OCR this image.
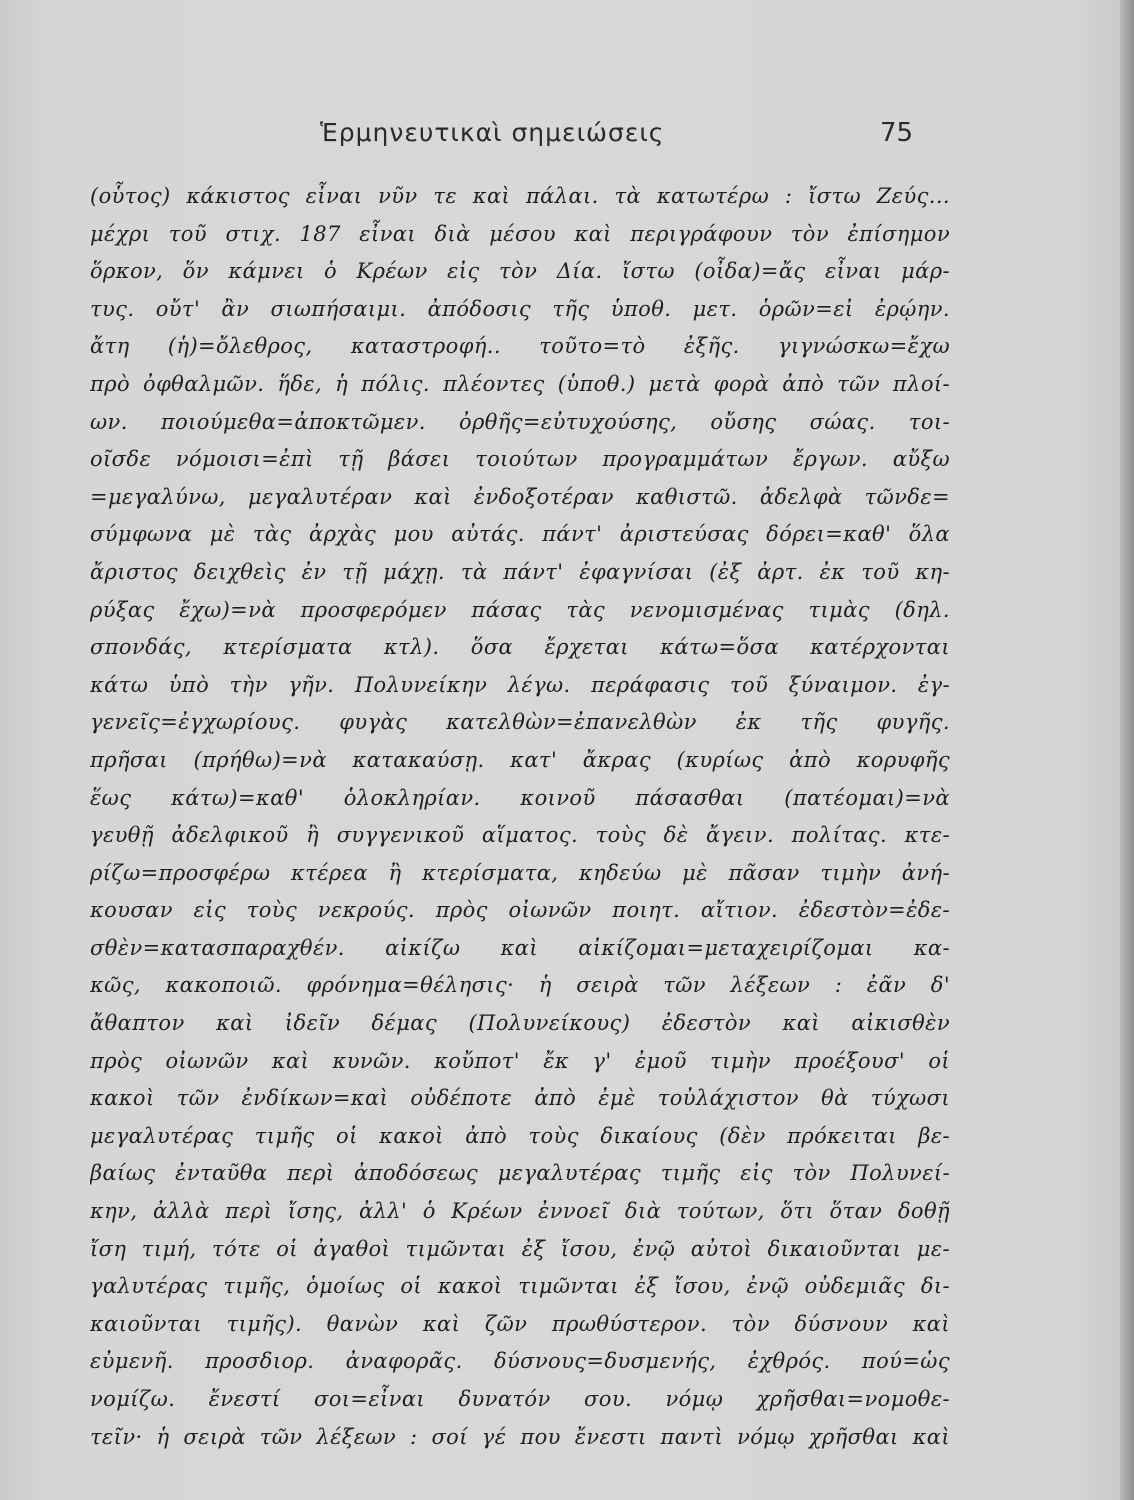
Ἑρμηνευτικαὶ σημειώσεις	75
(οὗτος) κάκιστος εἶναι νῦν τε καὶ πάλαι. τὰ κατωτέρω : ἴστω Ζεύς...
μέχρι τοῦ στιχ. 187 εἶναι διὰ μέσου καὶ περιγράφουν τὸν ἐπίσημον
ὅρκον, ὅν κάμνει ὁ Κρέων εἰς τὸν Δία. ἴστω (οἶδα)=ἄς εἶναι μάρ-
τυς. οὔτ' ἂν σιωπήσαιμι. ἀπόδοσις τῆς ὑποθ. μετ. ὁρῶν=εἰ ἐρῴην.
ἄτη (ἡ)=ὄλεθρος, καταστροφή.. τοῦτο=τὸ ἐξῆς. γιγνώσκω=ἔχω
πρὸ ὀφθαλμῶν. ἥδε, ἡ πόλις. πλέοντες (ὑποθ.) μετὰ φορὰ ἀπὸ τῶν πλοί-
ων. ποιούμεθα=ἀποκτῶμεν. ὀρθῆς=εὐτυχούσης, οὔσης σώας. τοι-
οῖσδε νόμοισι=ἐπὶ τῇ βάσει τοιούτων προγραμμάτων ἔργων. αὔξω
=μεγαλύνω, μεγαλυτέραν καὶ ἐνδοξοτέραν καθιστῶ. ἀδελφὰ τῶνδε=
σύμφωνα μὲ τὰς ἀρχὰς μου αὐτάς. πάντ' ἀριστεύσας δόρει=καθ' ὅλα
ἄριστος δειχθεὶς ἐν τῇ μάχῃ. τὰ πάντ' ἐφαγνίσαι (ἐξ ἀρτ. ἐκ τοῦ κη-
ρύξας ἔχω)=νὰ προσφερόμεν πάσας τὰς νενομισμένας τιμὰς (δηλ.
σπονδάς, κτερίσματα κτλ). ὅσα ἔρχεται κάτω=ὅσα κατέρχονται
κάτω ὑπὸ τὴν γῆν. Πολυνείκην λέγω. περάφασις τοῦ ξύναιμον. ἐγ-
γενεῖς=ἐγχωρίους. φυγὰς κατελθὼν=ἐπανελθὼν ἐκ τῆς φυγῆς.
πρῆσαι (πρήθω)=νὰ κατακαύσῃ. κατ' ἄκρας (κυρίως ἀπὸ κορυφῆς
ἕως κάτω)=καθ' ὁλοκληρίαν. κοινοῦ πάσασθαι (πατέομαι)=νὰ
γευθῇ ἀδελφικοῦ ἢ συγγενικοῦ αἵματος. τοὺς δὲ ἄγειν. πολίτας. κτε-
ρίζω=προσφέρω κτέρεα ἢ κτερίσματα, κηδεύω μὲ πᾶσαν τιμὴν ἀνή-
κουσαν εἰς τοὺς νεκρούς. πρὸς οἰωνῶν ποιητ. αἴτιον. ἐδεστὸν=ἐδε-
σθὲν=κατασπαραχθέν. αἰκίζω καὶ αἰκίζομαι=μεταχειρίζομαι κα-
κῶς, κακοποιῶ. φρόνημα=θέλησις· ἡ σειρὰ τῶν λέξεων : ἐᾶν δ'
ἄθαπτον καὶ ἰδεῖν δέμας (Πολυνείκους) ἐδεστὸν καὶ αἰκισθὲν
πρὸς οἰωνῶν καὶ κυνῶν. κοὔποτ' ἔκ γ' ἐμοῦ τιμὴν προέξουσ' οἱ
κακοὶ τῶν ἐνδίκων=καὶ οὐδέποτε ἀπὸ ἐμὲ τοὐλάχιστον θὰ τύχωσι
μεγαλυτέρας τιμῆς οἱ κακοὶ ἀπὸ τοὺς δικαίους (δὲν πρόκειται βε-
βαίως ἐνταῦθα περὶ ἀποδόσεως μεγαλυτέρας τιμῆς εἰς τὸν Πολυνεί-
κην, ἀλλὰ περὶ ἴσης, ἀλλ' ὁ Κρέων ἐννοεῖ διὰ τούτων, ὅτι ὅταν δοθῇ
ἴση τιμή, τότε οἱ ἀγαθοὶ τιμῶνται ἐξ ἴσου, ἐνῷ αὐτοὶ δικαιοῦνται με-
γαλυτέρας τιμῆς, ὁμοίως οἱ κακοὶ τιμῶνται ἐξ ἴσου, ἐνῷ οὐδεμιᾶς δι-
καιοῦνται τιμῆς). θανὼν καὶ ζῶν πρωθύστερον. τὸν δύσνουν καὶ
εὐμενῆ. προσδιορ. ἀναφορᾶς. δύσνους=δυσμενής, ἐχθρός. πού=ὡς
νομίζω. ἔνεστί σοι=εἶναι δυνατόν σου. νόμῳ χρῆσθαι=νομοθε-
τεῖν· ἡ σειρὰ τῶν λέξεων : σοί γέ που ἔνεστι παντὶ νόμῳ χρῆσθαι καὶ
